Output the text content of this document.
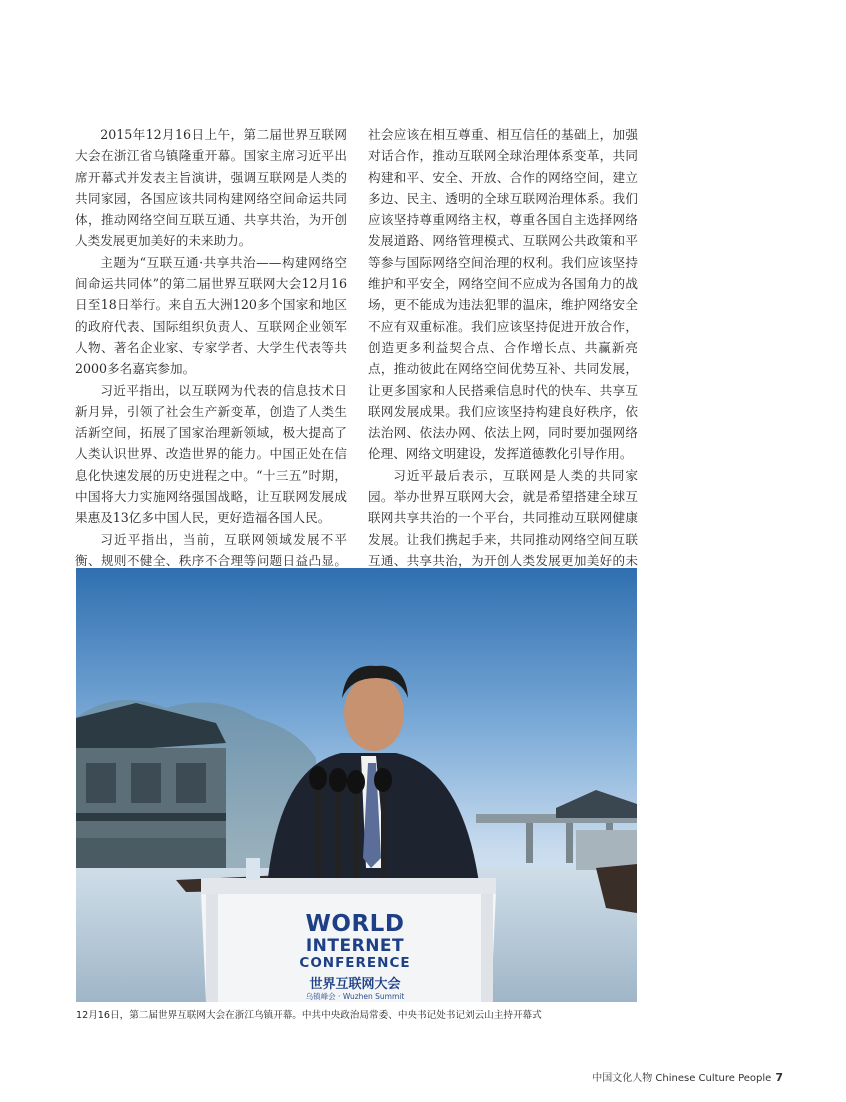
2015年12月16日上午，第二届世界互联网大会在浙江省乌镇隆重开幕。国家主席习近平出席开幕式并发表主旨演讲，强调互联网是人类的共同家园，各国应该共同构建网络空间命运共同体，推动网络空间互联互通、共享共治，为开创人类发展更加美好的未来助力。

主题为“互联互通·共享共治——构建网络空间命运共同体”的第二届世界互联网大会12月16日至18日举行。来自五大洲120多个国家和地区的政府代表、国际组织负责人、互联网企业领军人物、著名企业家、专家学者、大学生代表等共2000多名嘉宾参加。

习近平指出，以互联网为代表的信息技术日新月异，引领了社会生产新变革，创造了人类生活新空间，拓展了国家治理新领域，极大提高了人类认识世界、改造世界的能力。中国正处在信息化快速发展的历史进程之中。“十三五”时期，中国将大力实施网络强国战略，让互联网发展成果惠及13亿多中国人民，更好造福各国人民。

习近平指出，当前，互联网领域发展不平衡、规则不健全、秩序不合理等问题日益凸显。

社会应该在相互尊重、相互信任的基础上，加强对话合作，推动互联网全球治理体系变革，共同构建和平、安全、开放、合作的网络空间，建立多边、民主、透明的全球互联网治理体系。我们应该坚持尊重网络主权，尊重各国自主选择网络发展道路、网络管理模式、互联网公共政策和平等参与国际网络空间治理的权利。我们应该坚持维护和平安全，网络空间不应成为各国角力的战场，更不能成为违法犯罪的温床，维护网络安全不应有双重标准。我们应该坚持促进开放合作，创造更多利益契合点、合作增长点、共赢新亮点，推动彼此在网络空间优势互补、共同发展，让更多国家和人民搭乘信息时代的快车、共享互联网发展成果。我们应该坚持构建良好秩序，依法治网、依法办网、依法上网，同时要加强网络伦理、网络文明建设，发挥道德教化引导作用。

习近平最后表示，互联网是人类的共同家园。举办世界互联网大会，就是希望搭建全球互联网共享共治的一个平台，共同推动互联网健康发展。让我们携起手来，共同推动网络空间互联互通、共享共治，为开创人类发展更加美好的未

WORLD
INTERNET
CONFERENCE
世界互联网大会
乌镇峰会 · Wuzhen Summit
12月16日，第二届世界互联网大会在浙江乌镇开幕。中共中央政治局常委、中央书记处书记刘云山主持开幕式
中国文化人物 Chinese Culture People 7
